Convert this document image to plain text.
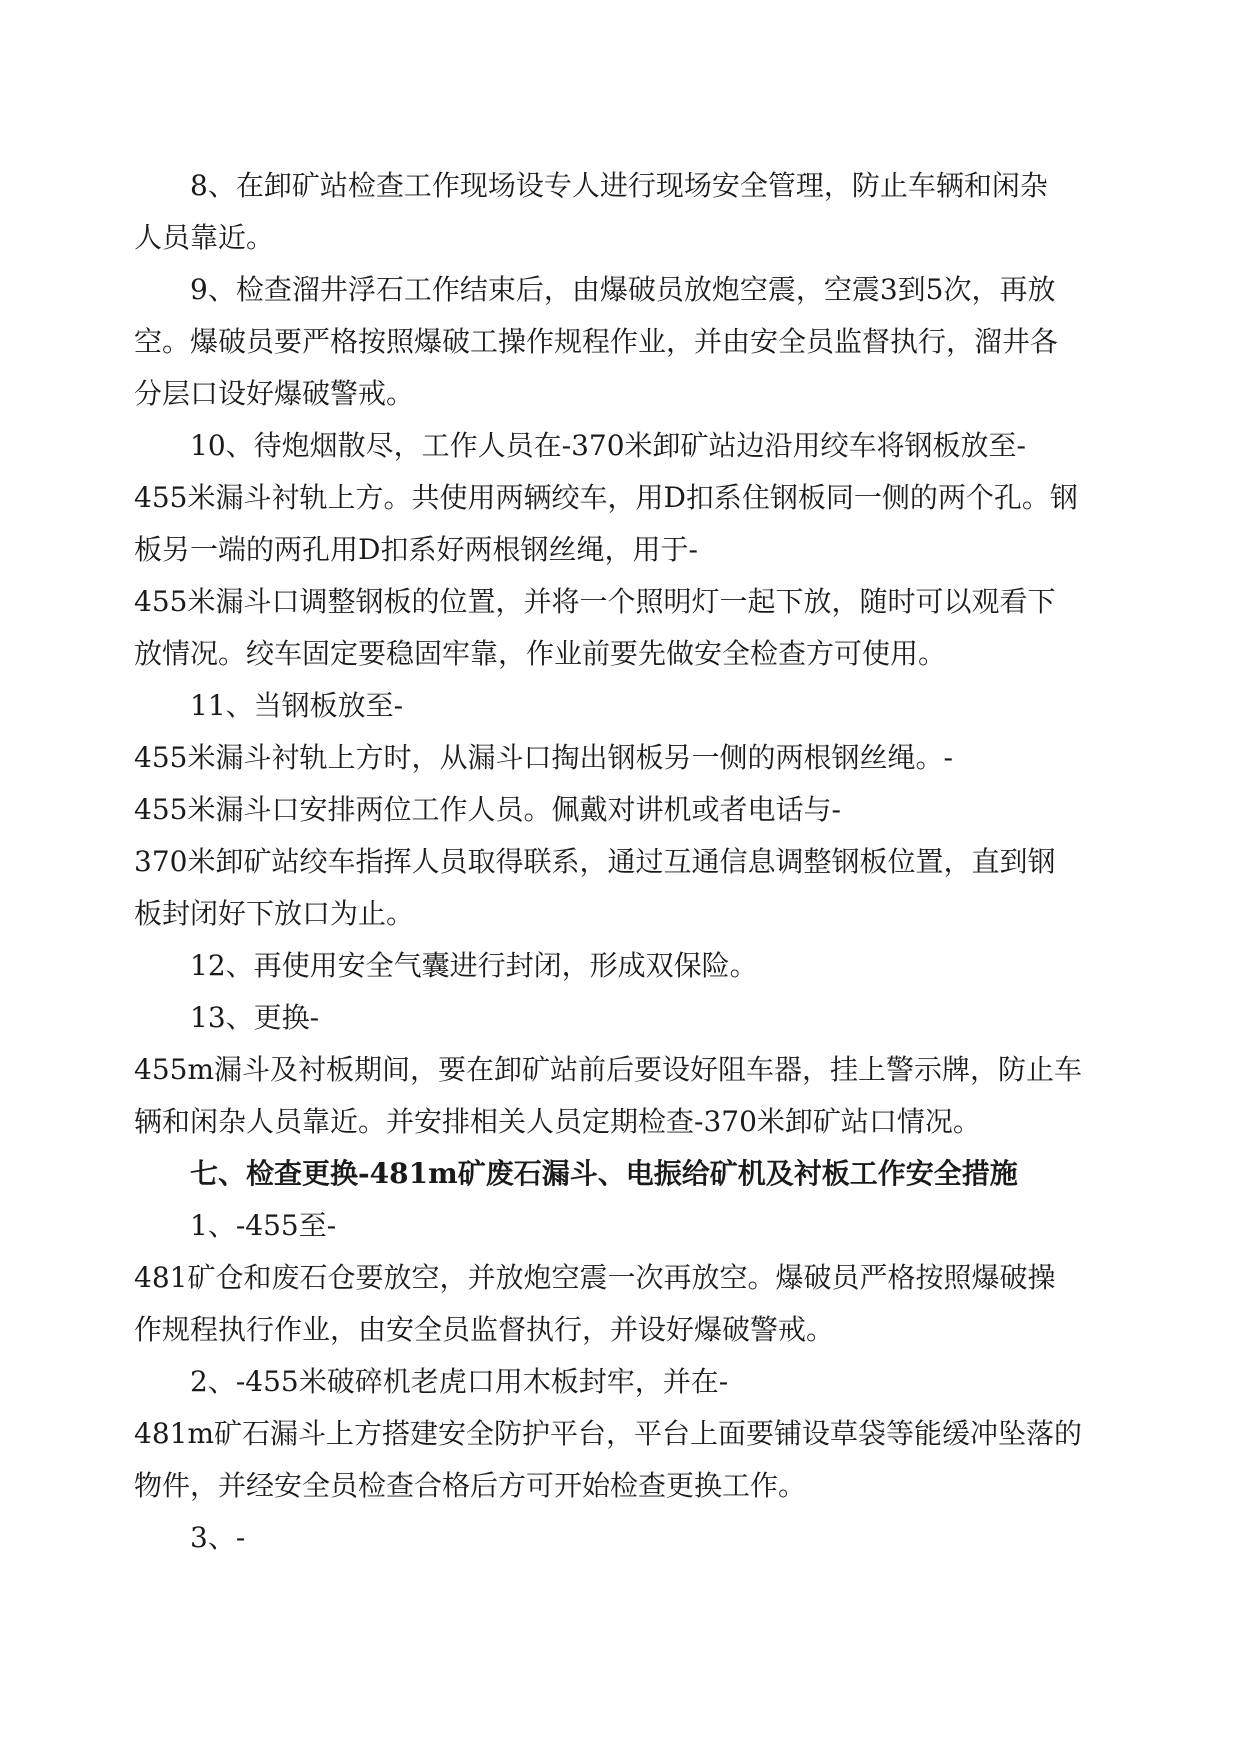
8、在卸矿站检查工作现场设专人进行现场安全管理，防止车辆和闲杂
人员靠近。
9、检查溜井浮石工作结束后，由爆破员放炮空震，空震3到5次，再放
空。爆破员要严格按照爆破工操作规程作业，并由安全员监督执行，溜井各
分层口设好爆破警戒。
10、待炮烟散尽，工作人员在-370米卸矿站边沿用绞车将钢板放至-
455米漏斗衬轨上方。共使用两辆绞车，用D扣系住钢板同一侧的两个孔。钢
板另一端的两孔用D扣系好两根钢丝绳，用于-
455米漏斗口调整钢板的位置，并将一个照明灯一起下放，随时可以观看下
放情况。绞车固定要稳固牢靠，作业前要先做安全检查方可使用。
11、当钢板放至-
455米漏斗衬轨上方时，从漏斗口掏出钢板另一侧的两根钢丝绳。-
455米漏斗口安排两位工作人员。佩戴对讲机或者电话与-
370米卸矿站绞车指挥人员取得联系，通过互通信息调整钢板位置，直到钢
板封闭好下放口为止。
12、再使用安全气囊进行封闭，形成双保险。
13、更换-
455m漏斗及衬板期间，要在卸矿站前后要设好阻车器，挂上警示牌，防止车
辆和闲杂人员靠近。并安排相关人员定期检查-370米卸矿站口情况。
七、检查更换-481m矿废石漏斗、电振给矿机及衬板工作安全措施
1、-455至-
481矿仓和废石仓要放空，并放炮空震一次再放空。爆破员严格按照爆破操
作规程执行作业，由安全员监督执行，并设好爆破警戒。
2、-455米破碎机老虎口用木板封牢，并在-
481m矿石漏斗上方搭建安全防护平台，平台上面要铺设草袋等能缓冲坠落的
物件，并经安全员检查合格后方可开始检查更换工作。
3、-
